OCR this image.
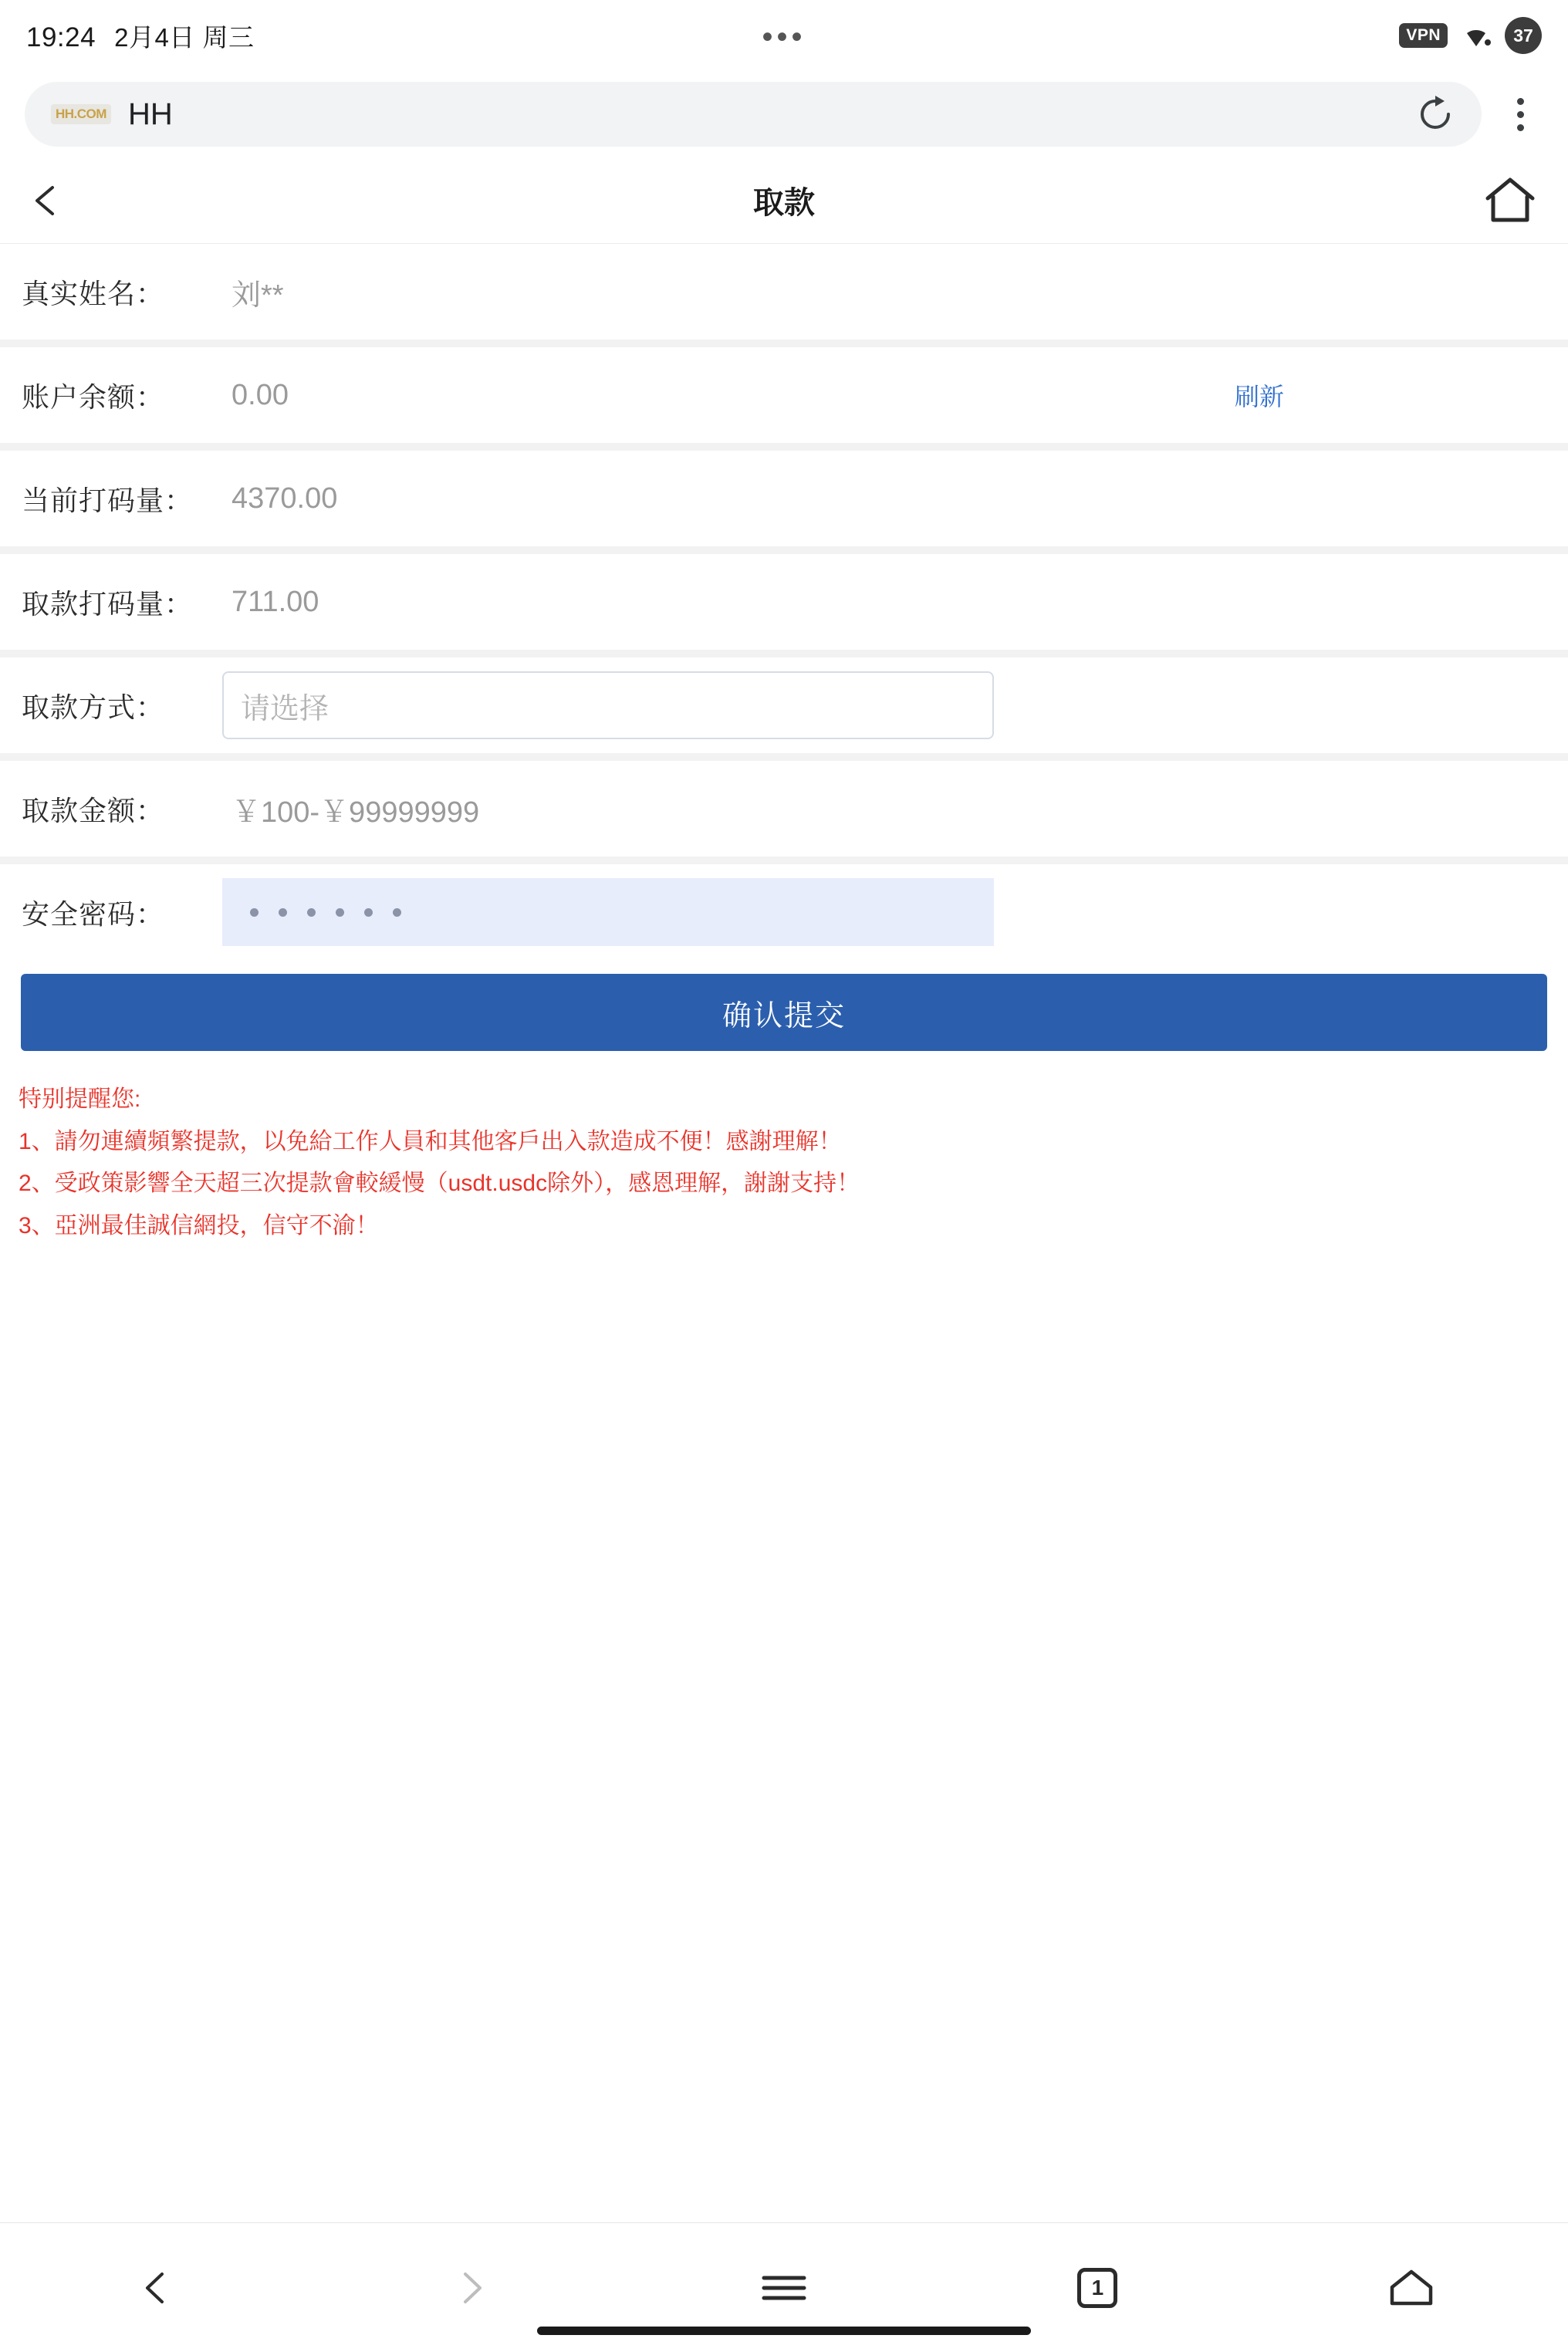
19:24 2月4日 周三	•••	VPN	37
HH.COM HH
取款
真实姓名：	刘**
账户余额：	0.00	刷新
当前打码量：	4370.00
取款打码量：	711.00
取款方式：	请选择
取款金额：	￥100-￥99999999
安全密码：
确认提交
特别提醒您:
1、請勿連續頻繁提款，以免給工作人員和其他客戶出入款造成不便！感謝理解！
2、受政策影響全天超三次提款會較緩慢（usdt.usdc除外），感恩理解，謝謝支持！
3、亞洲最佳誠信網投，信守不渝！
1
